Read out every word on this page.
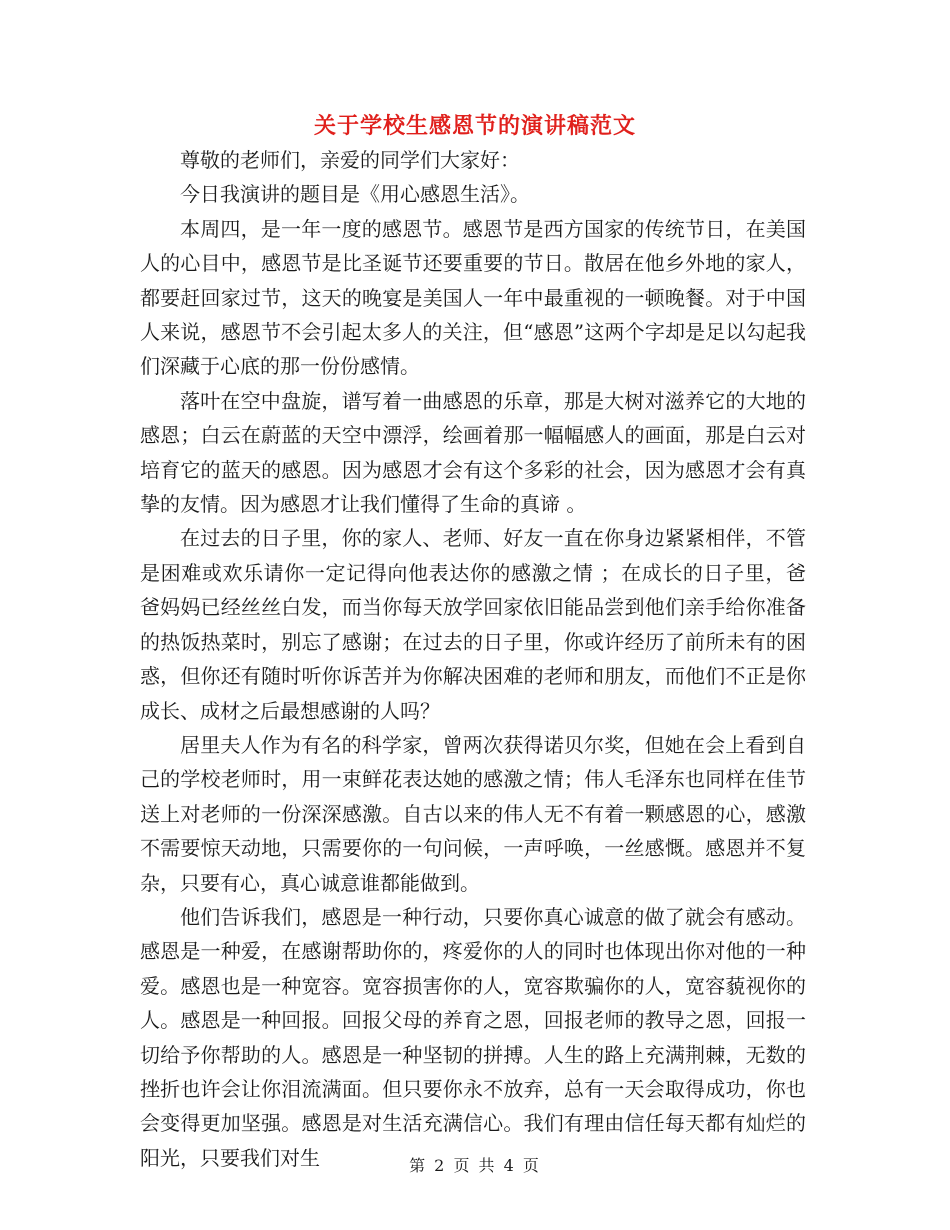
关于学校生感恩节的演讲稿范文

尊敬的老师们，亲爱的同学们大家好：

今日我演讲的题目是《用心感恩生活》。

本周四，是一年一度的感恩节。感恩节是西方国家的传统节日，在美国人的心目中，感恩节是比圣诞节还要重要的节日。散居在他乡外地的家人，都要赶回家过节，这天的晚宴是美国人一年中最重视的一顿晚餐。对于中国人来说，感恩节不会引起太多人的关注，但“感恩”这两个字却是足以勾起我们深藏于心底的那一份份感情。

落叶在空中盘旋，谱写着一曲感恩的乐章，那是大树对滋养它的大地的感恩；白云在蔚蓝的天空中漂浮，绘画着那一幅幅感人的画面，那是白云对培育它的蓝天的感恩。因为感恩才会有这个多彩的社会，因为感恩才会有真挚的友情。因为感恩才让我们懂得了生命的真谛 。

在过去的日子里，你的家人、老师、好友一直在你身边紧紧相伴，不管是困难或欢乐请你一定记得向他表达你的感激之情 ；在成长的日子里，爸爸妈妈已经丝丝白发，而当你每天放学回家依旧能品尝到他们亲手给你准备的热饭热菜时，别忘了感谢；在过去的日子里，你或许经历了前所未有的困惑，但你还有随时听你诉苦并为你解决困难的老师和朋友，而他们不正是你成长、成材之后最想感谢的人吗？

居里夫人作为有名的科学家，曾两次获得诺贝尔奖，但她在会上看到自己的学校老师时，用一束鲜花表达她的感激之情；伟人毛泽东也同样在佳节送上对老师的一份深深感激。自古以来的伟人无不有着一颗感恩的心，感激不需要惊天动地，只需要你的一句问候，一声呼唤，一丝感慨。感恩并不复杂，只要有心，真心诚意谁都能做到。

他们告诉我们，感恩是一种行动，只要你真心诚意的做了就会有感动。感恩是一种爱，在感谢帮助你的，疼爱你的人的同时也体现出你对他的一种爱。感恩也是一种宽容。宽容损害你的人，宽容欺骗你的人，宽容藐视你的人。感恩是一种回报。回报父母的养育之恩，回报老师的教导之恩，回报一切给予你帮助的人。感恩是一种坚韧的拼搏。人生的路上充满荆棘，无数的挫折也许会让你泪流满面。但只要你永不放弃，总有一天会取得成功，你也会变得更加坚强。感恩是对生活充满信心。我们有理由信任每天都有灿烂的阳光，只要我们对生	第 2 页 共 4 页
